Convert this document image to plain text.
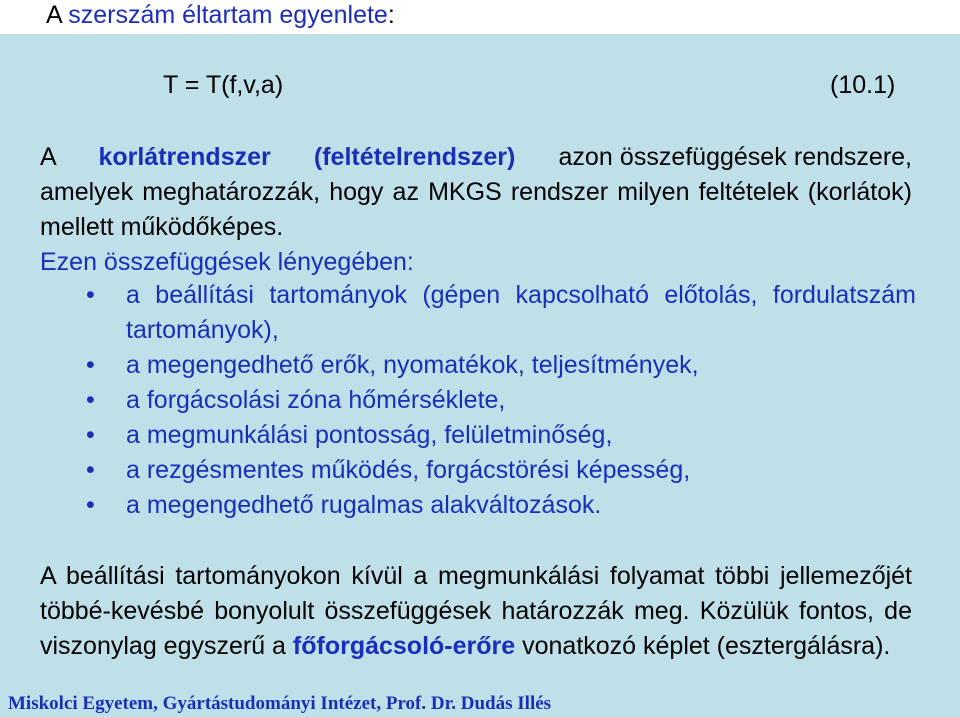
A szerszám éltartam egyenlete:
T = T(f,v,a)	(10.1)
A korlátrendszer (feltételrendszer) azon összefüggések rendszere, amelyek meghatározzák, hogy az MKGS rendszer milyen feltételek (korlátok) mellett működőképes.
Ezen összefüggések lényegében:
• a beállítási tartományok (gépen kapcsolható előtolás, fordulatszám tartományok),
• a megengedhető erők, nyomatékok, teljesítmények,
• a forgácsolási zóna hőmérséklete,
• a megmunkálási pontosság, felületminőség,
• a rezgésmentes működés, forgácstörési képesség,
• a megengedhető rugalmas alakváltozások.
A beállítási tartományokon kívül a megmunkálási folyamat többi jellemezőjét többé-kevésbé bonyolult összefüggések határozzák meg. Közülük fontos, de viszonylag egyszerű a főforgácsoló-erőre vonatkozó képlet (esztergálásra).
Miskolci Egyetem, Gyártástudományi Intézet, Prof. Dr. Dudás Illés
